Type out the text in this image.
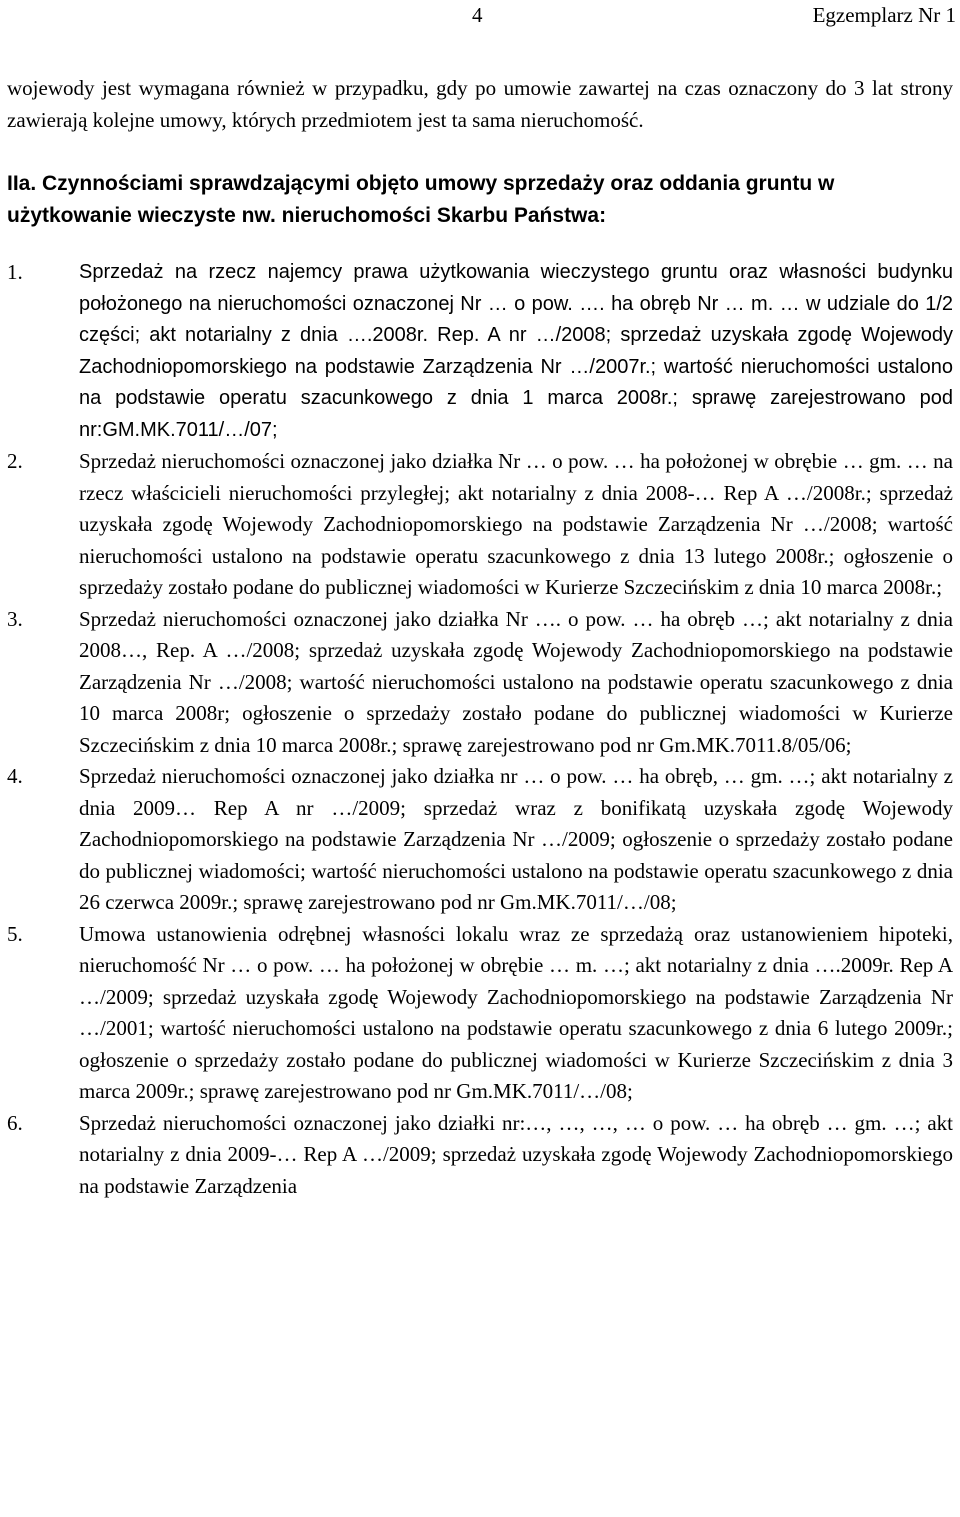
4	Egzemplarz Nr 1

wojewody jest wymagana również w przypadku, gdy po umowie zawartej na czas oznaczony do 3 lat strony zawierają kolejne umowy, których przedmiotem jest ta sama nieruchomość.

IIa. Czynnościami sprawdzającymi objęto umowy sprzedaży oraz oddania gruntu w użytkowanie wieczyste nw. nieruchomości Skarbu Państwa:

1.	Sprzedaż na rzecz najemcy prawa użytkowania wieczystego gruntu oraz własności budynku położonego na nieruchomości oznaczonej Nr … o pow. …. ha obręb Nr … m. … w udziale do 1/2 części; akt notarialny z dnia ….2008r. Rep. A nr …/2008; sprzedaż uzyskała zgodę Wojewody Zachodniopomorskiego na podstawie Zarządzenia Nr …/2007r.; wartość nieruchomości ustalono na podstawie operatu szacunkowego z dnia 1 marca 2008r.; sprawę zarejestrowano pod nr:GM.MK.7011/…/07;
2.	Sprzedaż nieruchomości oznaczonej jako działka Nr … o pow. … ha położonej w obrębie … gm. … na rzecz właścicieli nieruchomości przyległej; akt notarialny z dnia 2008-… Rep A …/2008r.; sprzedaż uzyskała zgodę Wojewody Zachodniopomorskiego na podstawie Zarządzenia Nr …/2008; wartość nieruchomości ustalono na podstawie operatu szacunkowego z dnia 13 lutego 2008r.; ogłoszenie o sprzedaży zostało podane do publicznej wiadomości w Kurierze Szczecińskim z dnia 10 marca 2008r.;
3.	Sprzedaż nieruchomości oznaczonej jako działka Nr …. o pow. … ha obręb …; akt notarialny z dnia 2008…, Rep. A …/2008; sprzedaż uzyskała zgodę Wojewody Zachodniopomorskiego na podstawie Zarządzenia Nr …/2008; wartość nieruchomości ustalono na podstawie operatu szacunkowego z dnia 10 marca 2008r; ogłoszenie o sprzedaży zostało podane do publicznej wiadomości w Kurierze Szczecińskim z dnia 10 marca 2008r.; sprawę zarejestrowano pod nr Gm.MK.7011.8/05/06;
4.	Sprzedaż nieruchomości oznaczonej jako działka nr … o pow. … ha obręb, … gm. …; akt notarialny z dnia 2009… Rep A nr …/2009; sprzedaż wraz z bonifikatą uzyskała zgodę Wojewody Zachodniopomorskiego na podstawie Zarządzenia Nr …/2009; ogłoszenie o sprzedaży zostało podane do publicznej wiadomości; wartość nieruchomości ustalono na podstawie operatu szacunkowego z dnia 26 czerwca 2009r.; sprawę zarejestrowano pod nr Gm.MK.7011/…/08;
5.	Umowa ustanowienia odrębnej własności lokalu wraz ze sprzedażą oraz ustanowieniem hipoteki, nieruchomość Nr … o pow. … ha położonej w obrębie … m. …; akt notarialny z dnia ….2009r. Rep A …/2009; sprzedaż uzyskała zgodę Wojewody Zachodniopomorskiego na podstawie Zarządzenia Nr …/2001; wartość nieruchomości ustalono na podstawie operatu szacunkowego z dnia 6 lutego 2009r.; ogłoszenie o sprzedaży zostało podane do publicznej wiadomości w Kurierze Szczecińskim z dnia 3 marca 2009r.; sprawę zarejestrowano pod nr Gm.MK.7011/…/08;
6.	Sprzedaż nieruchomości oznaczonej jako działki nr:…, …, …, … o pow. … ha obręb … gm. …; akt notarialny z dnia 2009-… Rep A …/2009; sprzedaż uzyskała zgodę Wojewody Zachodniopomorskiego na podstawie Zarządzenia
